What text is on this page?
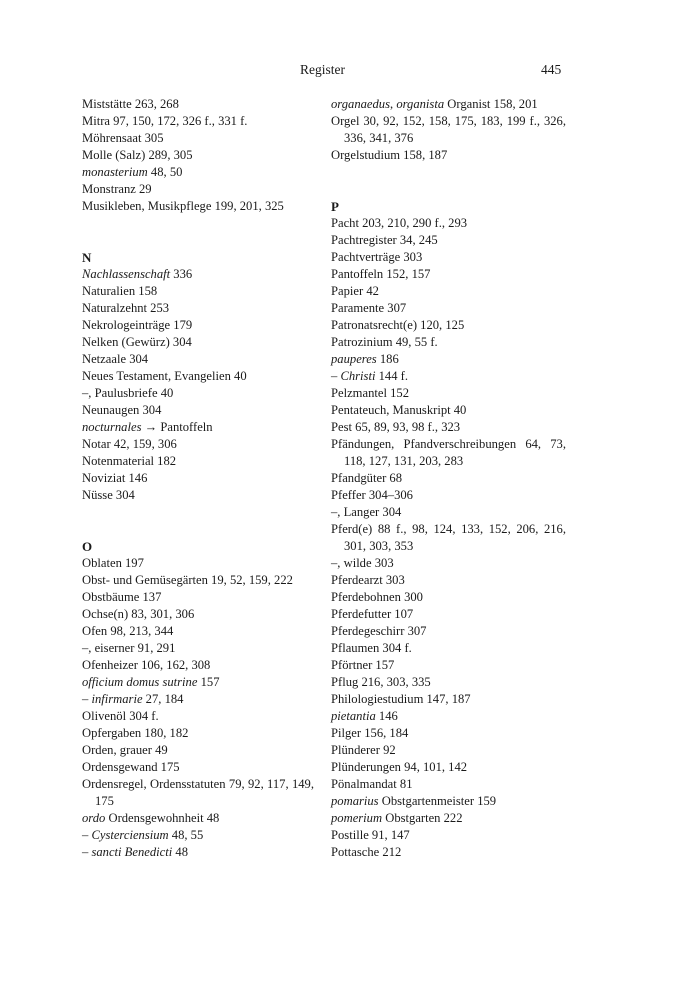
Register	445
Miststätte 263, 268
Mitra 97, 150, 172, 326 f., 331 f.
Möhrensaat 305
Molle (Salz) 289, 305
monasterium 48, 50
Monstranz 29
Musikleben, Musikpflege 199, 201, 325
N
Nachlassenschaft 336
Naturalien 158
Naturalzehnt 253
Nekrologeinträge 179
Nelken (Gewürz) 304
Netzaale 304
Neues Testament, Evangelien 40
–, Paulusbriefe 40
Neunaugen 304
nocturnales → Pantoffeln
Notar 42, 159, 306
Notenmaterial 182
Noviziat 146
Nüsse 304
O
Oblaten 197
Obst- und Gemüsegärten 19, 52, 159, 222
Obstbäume 137
Ochse(n) 83, 301, 306
Ofen 98, 213, 344
–, eiserner 91, 291
Ofenheizer 106, 162, 308
officium domus sutrine 157
– infirmarie 27, 184
Olivenöl 304 f.
Opfergaben 180, 182
Orden, grauer 49
Ordensgewand 175
Ordensregel, Ordensstatuten 79, 92, 117, 149, 175
ordo Ordensgewohnheit 48
– Cysterciensium 48, 55
– sancti Benedicti 48
organaedus, organista Organist 158, 201
Orgel 30, 92, 152, 158, 175, 183, 199 f., 326, 336, 341, 376
Orgelstudium 158, 187
P
Pacht 203, 210, 290 f., 293
Pachtregister 34, 245
Pachtverträge 303
Pantoffeln 152, 157
Papier 42
Paramente 307
Patronatsrecht(e) 120, 125
Patrozinium 49, 55 f.
pauperes 186
– Christi 144 f.
Pelzmantel 152
Pentateuch, Manuskript 40
Pest 65, 89, 93, 98 f., 323
Pfändungen, Pfandverschreibungen 64, 73, 118, 127, 131, 203, 283
Pfandgüter 68
Pfeffer 304–306
–, Langer 304
Pferd(e) 88 f., 98, 124, 133, 152, 206, 216, 301, 303, 353
–, wilde 303
Pferdearzt 303
Pferdebohnen 300
Pferdefutter 107
Pferdegeschirr 307
Pflaumen 304 f.
Pförtner 157
Pflug 216, 303, 335
Philologiestudium 147, 187
pietantia 146
Pilger 156, 184
Plünderer 92
Plünderungen 94, 101, 142
Pönalmandat 81
pomarius Obstgartenmeister 159
pomerium Obstgarten 222
Postille 91, 147
Pottasche 212
